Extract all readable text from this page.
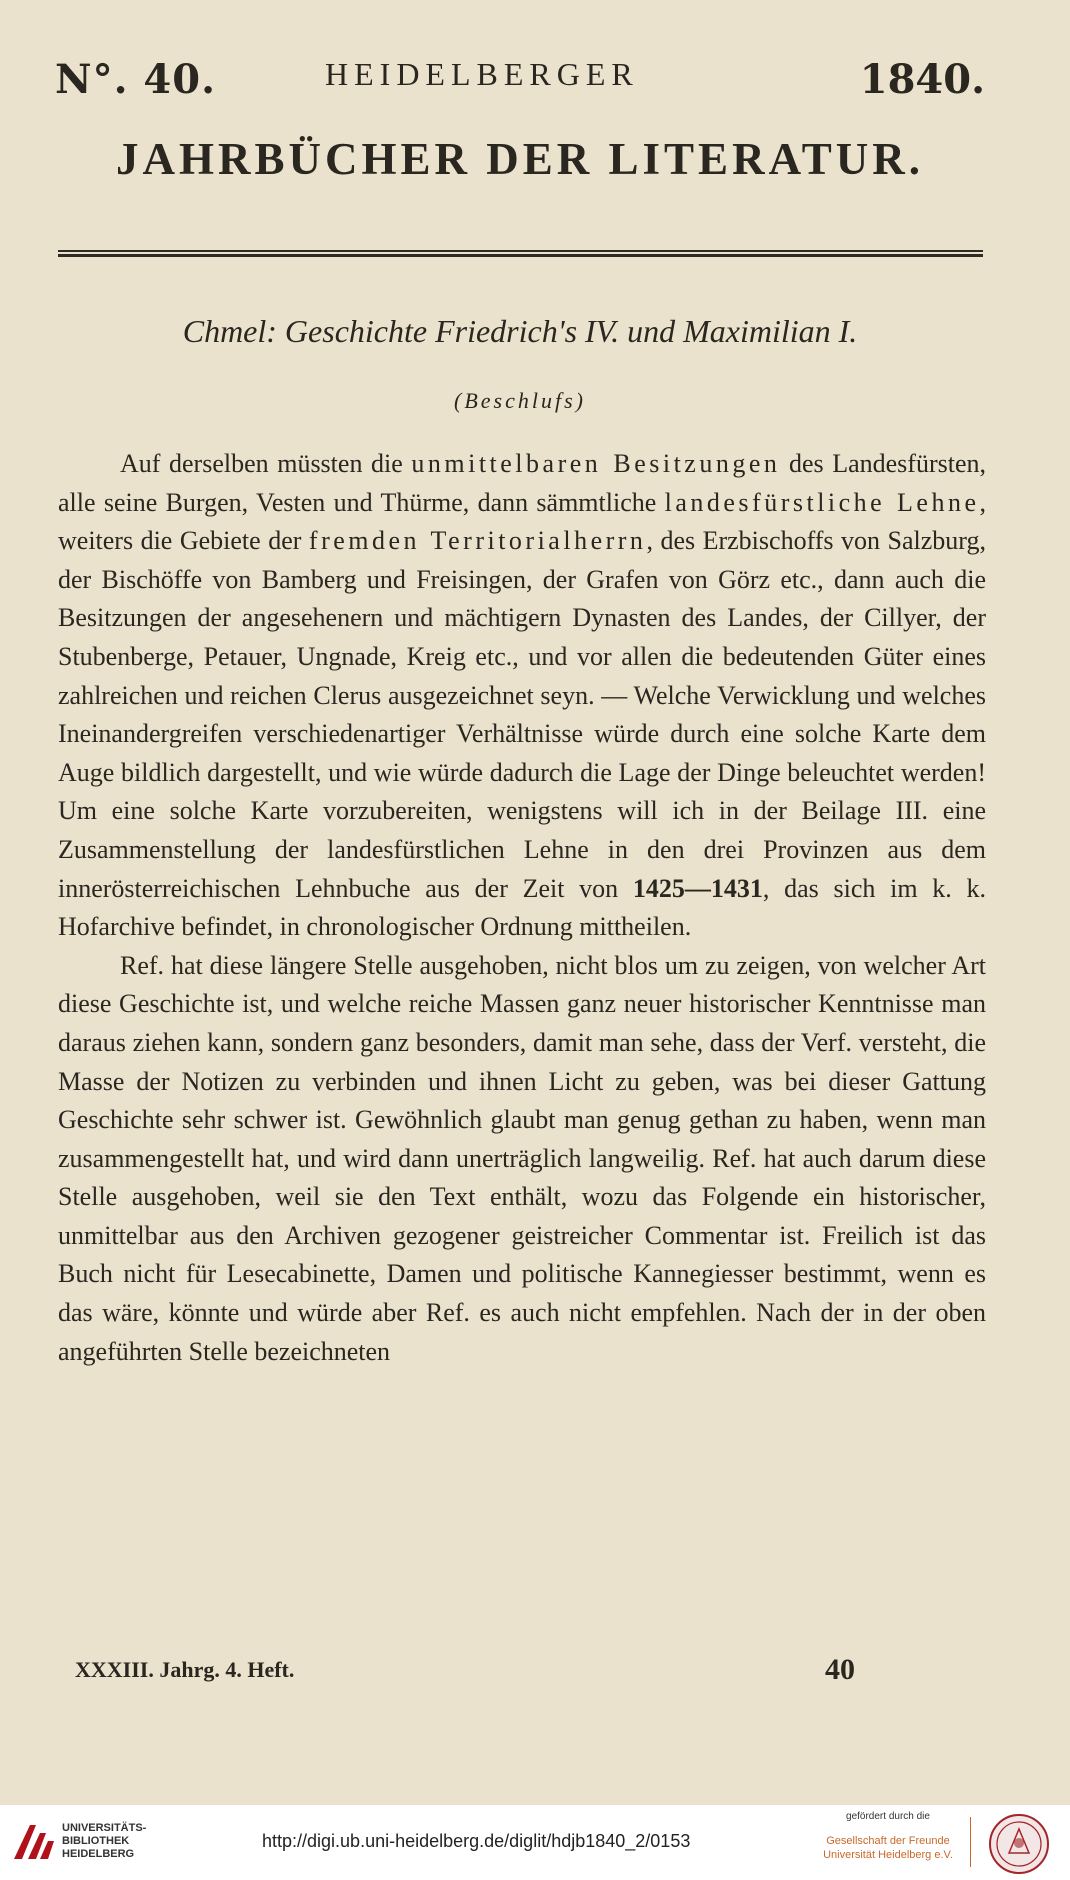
N°. 40.	HEIDELBERGER	1840.
JAHRBÜCHER DER LITERATUR.
Chmel: Geschichte Friedrich's IV. und Maximilian I.
(Beschlufs)

Auf derselben müssten die unmittelbaren Besitzungen des Landesfürsten, alle seine Burgen, Vesten und Thürme, dann sämmtliche landesfürstliche Lehne, weiters die Gebiete der fremden Territorialherrn, des Erzbischoffs von Salzburg, der Bischöffe von Bamberg und Freisingen, der Grafen von Görz etc., dann auch die Besitzungen der angesehenern und mächtigern Dynasten des Landes, der Cillyer, der Stubenberge, Petauer, Ungnade, Kreig etc., und vor allen die bedeutenden Güter eines zahlreichen und reichen Clerus ausgezeichnet seyn. — Welche Verwicklung und welches Ineinandergreifen verschiedenartiger Verhältnisse würde durch eine solche Karte dem Auge bildlich dargestellt, und wie würde dadurch die Lage der Dinge beleuchtet werden! Um eine solche Karte vorzubereiten, wenigstens will ich in der Beilage III. eine Zusammenstellung der landesfürstlichen Lehne in den drei Provinzen aus dem innerösterreichischen Lehnbuche aus der Zeit von 1425—1431, das sich im k. k. Hofarchive befindet, in chronologischer Ordnung mittheilen.

Ref. hat diese längere Stelle ausgehoben, nicht blos um zu zeigen, von welcher Art diese Geschichte ist, und welche reiche Massen ganz neuer historischer Kenntnisse man daraus ziehen kann, sondern ganz besonders, damit man sehe, dass der Verf. versteht, die Masse der Notizen zu verbinden und ihnen Licht zu geben, was bei dieser Gattung Geschichte sehr schwer ist. Gewöhnlich glaubt man genug gethan zu haben, wenn man zusammengestellt hat, und wird dann unerträglich langweilig. Ref. hat auch darum diese Stelle ausgehoben, weil sie den Text enthält, wozu das Folgende ein historischer, unmittelbar aus den Archiven gezogener geistreicher Commentar ist. Freilich ist das Buch nicht für Lesecabinette, Damen und politische Kannegiesser bestimmt, wenn es das wäre, könnte und würde aber Ref. es auch nicht empfehlen. Nach der in der oben angeführten Stelle bezeichneten

XXXIII. Jahrg. 4. Heft.	40
UNIVERSITÄTS-
BIBLIOTHEK
HEIDELBERG
http://digi.ub.uni-heidelberg.de/diglit/hdjb1840_2/0153
gefördert durch die
Gesellschaft der Freunde
Universität Heidelberg e.V.
